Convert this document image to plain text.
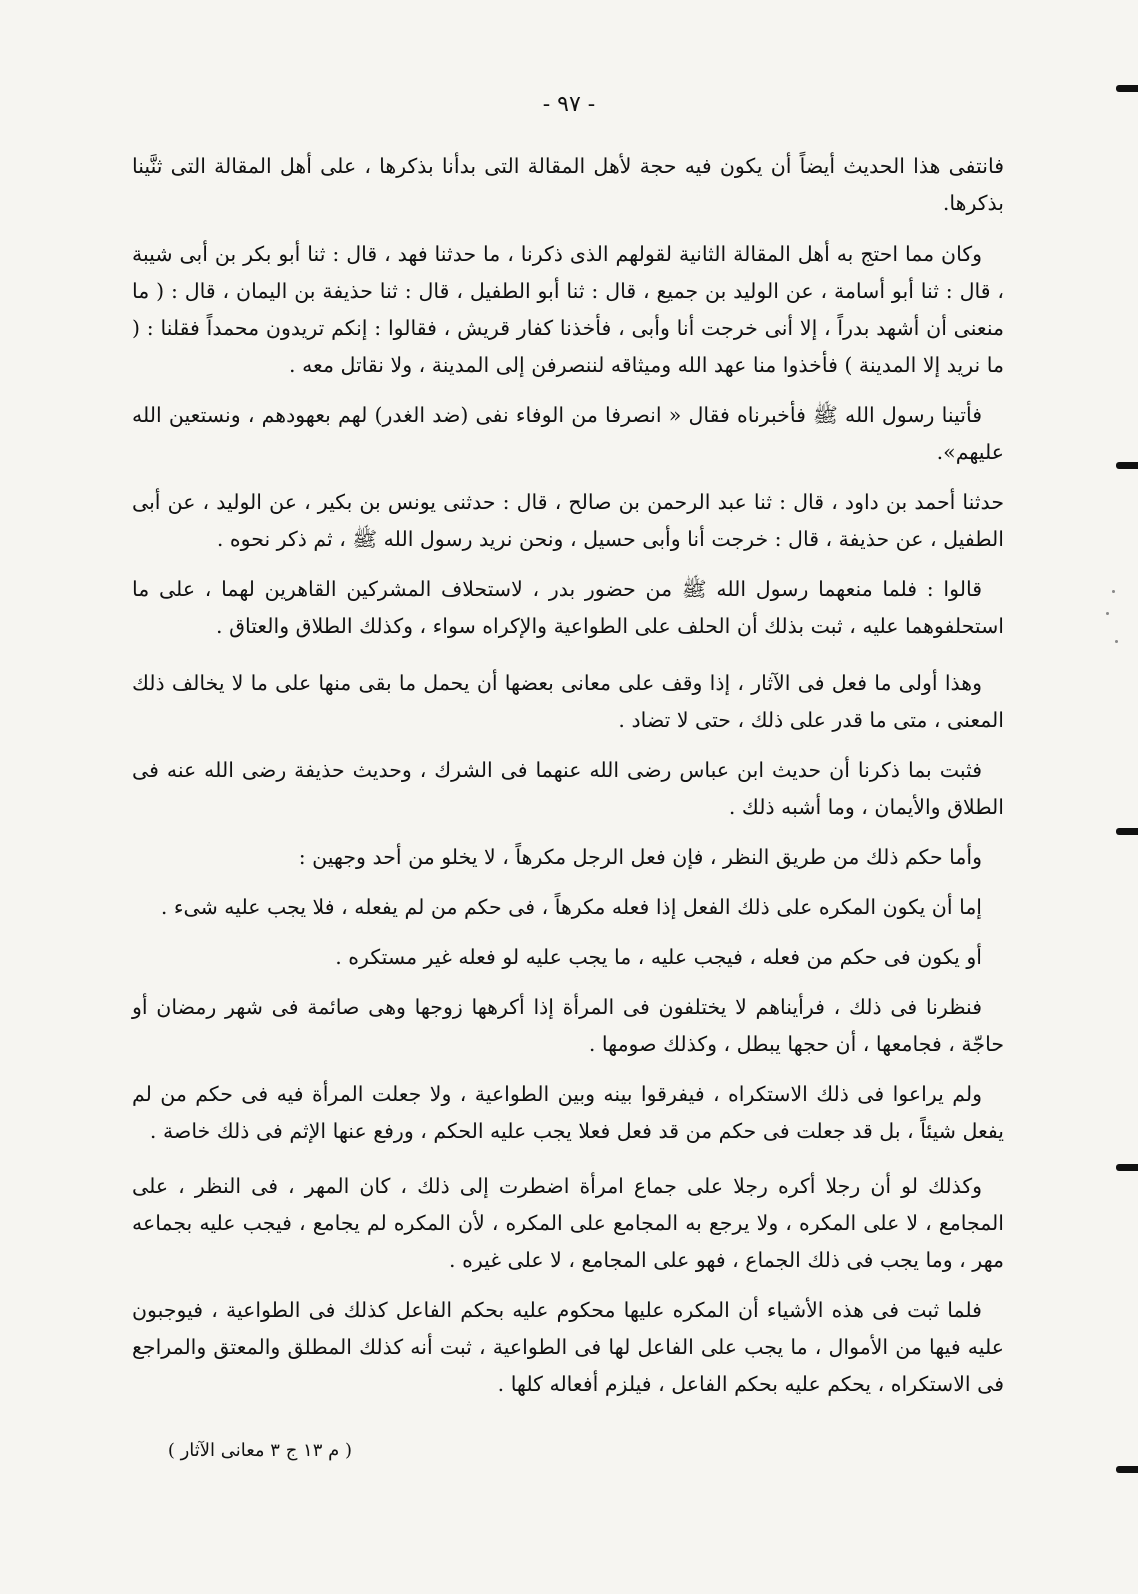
- ٩٧ -

فانتفى هذا الحديث أيضاً أن يكون فيه حجة لأهل المقالة التى بدأنا بذكرها ، على أهل المقالة التى ثنَّينا بذكرها.

وكان مما احتج به أهل المقالة الثانية لقولهم الذى ذكرنا ، ما حدثنا فهد ، قال : ثنا أبو بكر بن أبى شيبة ، قال : ثنا أبو أسامة ، عن الوليد بن جميع ، قال : ثنا أبو الطفيل ، قال : ثنا حذيفة بن اليمان ، قال : ( ما منعنى أن أشهد بدراً ، إلا أنى خرجت أنا وأبى ، فأخذنا كفار قريش ، فقالوا : إنكم تريدون محمداً فقلنا : ( ما نريد إلا المدينة ) فأخذوا منا عهد الله وميثاقه لننصرفن إلى المدينة ، ولا نقاتل معه .

فأتينا رسول الله ﷺ فأخبرناه فقال « انصرفا من الوفاء نفى (ضد الغدر) لهم بعهودهم ، ونستعين الله عليهم».

حدثنا أحمد بن داود ، قال : ثنا عبد الرحمن بن صالح ، قال : حدثنى يونس بن بكير ، عن الوليد ، عن أبى الطفيل ، عن حذيفة ، قال : خرجت أنا وأبى حسيل ، ونحن نريد رسول الله ﷺ ، ثم ذكر نحوه .

قالوا : فلما منعهما رسول الله ﷺ من حضور بدر ، لاستحلاف المشركين القاهرين لهما ، على ما استحلفوهما عليه ، ثبت بذلك أن الحلف على الطواعية والإكراه سواء ، وكذلك الطلاق والعتاق .

وهذا أولى ما فعل فى الآثار ، إذا وقف على معانى بعضها أن يحمل ما بقى منها على ما لا يخالف ذلك المعنى ، متى ما قدر على ذلك ، حتى لا تضاد .

فثبت بما ذكرنا أن حديث ابن عباس رضى الله عنهما فى الشرك ، وحديث حذيفة رضى الله عنه فى الطلاق والأيمان ، وما أشبه ذلك .

وأما حكم ذلك من طريق النظر ، فإن فعل الرجل مكرهاً ، لا يخلو من أحد وجهين :

إما أن يكون المكره على ذلك الفعل إذا فعله مكرهاً ، فى حكم من لم يفعله ، فلا يجب عليه شىء .

أو يكون فى حكم من فعله ، فيجب عليه ، ما يجب عليه لو فعله غير مستكره .

فنظرنا فى ذلك ، فرأيناهم لا يختلفون فى المرأة إذا أكرهها زوجها وهى صائمة فى شهر رمضان أو حاجّة ، فجامعها ، أن حجها يبطل ، وكذلك صومها .

ولم يراعوا فى ذلك الاستكراه ، فيفرقوا بينه وبين الطواعية ، ولا جعلت المرأة فيه فى حكم من لم يفعل شيئاً ، بل قد جعلت فى حكم من قد فعل فعلا يجب عليه الحكم ، ورفع عنها الإثم فى ذلك خاصة .

وكذلك لو أن رجلا أكره رجلا على جماع امرأة اضطرت إلى ذلك ، كان المهر ، فى النظر ، على المجامع ، لا على المكره ، ولا يرجع به المجامع على المكره ، لأن المكره لم يجامع ، فيجب عليه بجماعه مهر ، وما يجب فى ذلك الجماع ، فهو على المجامع ، لا على غيره .

فلما ثبت فى هذه الأشياء أن المكره عليها محكوم عليه بحكم الفاعل كذلك فى الطواعية ، فيوجبون عليه فيها من الأموال ، ما يجب على الفاعل لها فى الطواعية ، ثبت أنه كذلك المطلق والمعتق والمراجع فى الاستكراه ، يحكم عليه بحكم الفاعل ، فيلزم أفعاله كلها .

( م ١٣ ج ٣ معانى الآثار )
